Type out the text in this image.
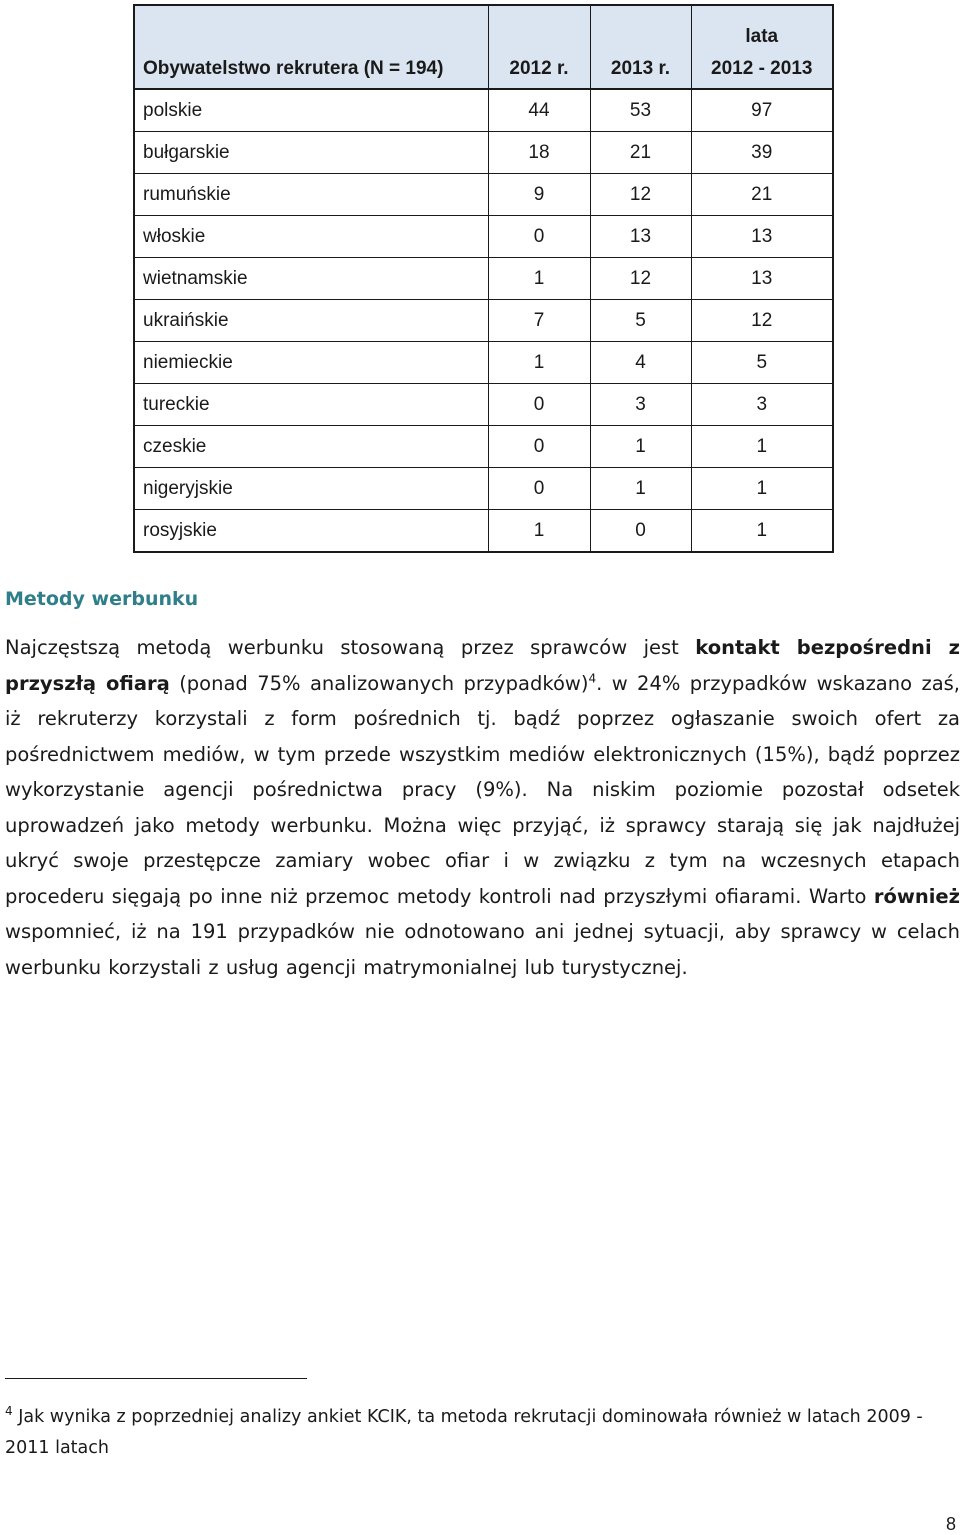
Obywatelstwo rekrutera (N = 194)	2012 r.	2013 r.	lata
2012 - 2013
polskie	44	53	97
bułgarskie	18	21	39
rumuńskie	9	12	21
włoskie	0	13	13
wietnamskie	1	12	13
ukraińskie	7	5	12
niemieckie	1	4	5
tureckie	0	3	3
czeskie	0	1	1
nigeryjskie	0	1	1
rosyjskie	1	0	1
Metody werbunku

Najczęstszą metodą werbunku stosowaną przez sprawców jest kontakt bezpośredni z przyszłą ofiarą (ponad 75% analizowanych przypadków)$^4$. w 24% przypadków wskazano zaś, iż rekruterzy korzystali z form pośrednich tj. bądź poprzez ogłaszanie swoich ofert za pośrednictwem mediów, w tym przede wszystkim mediów elektronicznych (15%), bądź poprzez wykorzystanie agencji pośrednictwa pracy (9%). Na niskim poziomie pozostał odsetek uprowadzeń jako metody werbunku. Można więc przyjąć, iż sprawcy starają się jak najdłużej ukryć swoje przestępcze zamiary wobec ofiar i w związku z tym na wczesnych etapach procederu sięgają po inne niż przemoc metody kontroli nad przyszłymi ofiarami. Warto również wspomnieć, iż na 191 przypadków nie odnotowano ani jednej sytuacji, aby sprawcy w celach werbunku korzystali z usług agencji matrymonialnej lub turystycznej.

$^4$ Jak wynika z poprzedniej analizy ankiet KCIK, ta metoda rekrutacji dominowała również w latach 2009 - 2011 latach

8
